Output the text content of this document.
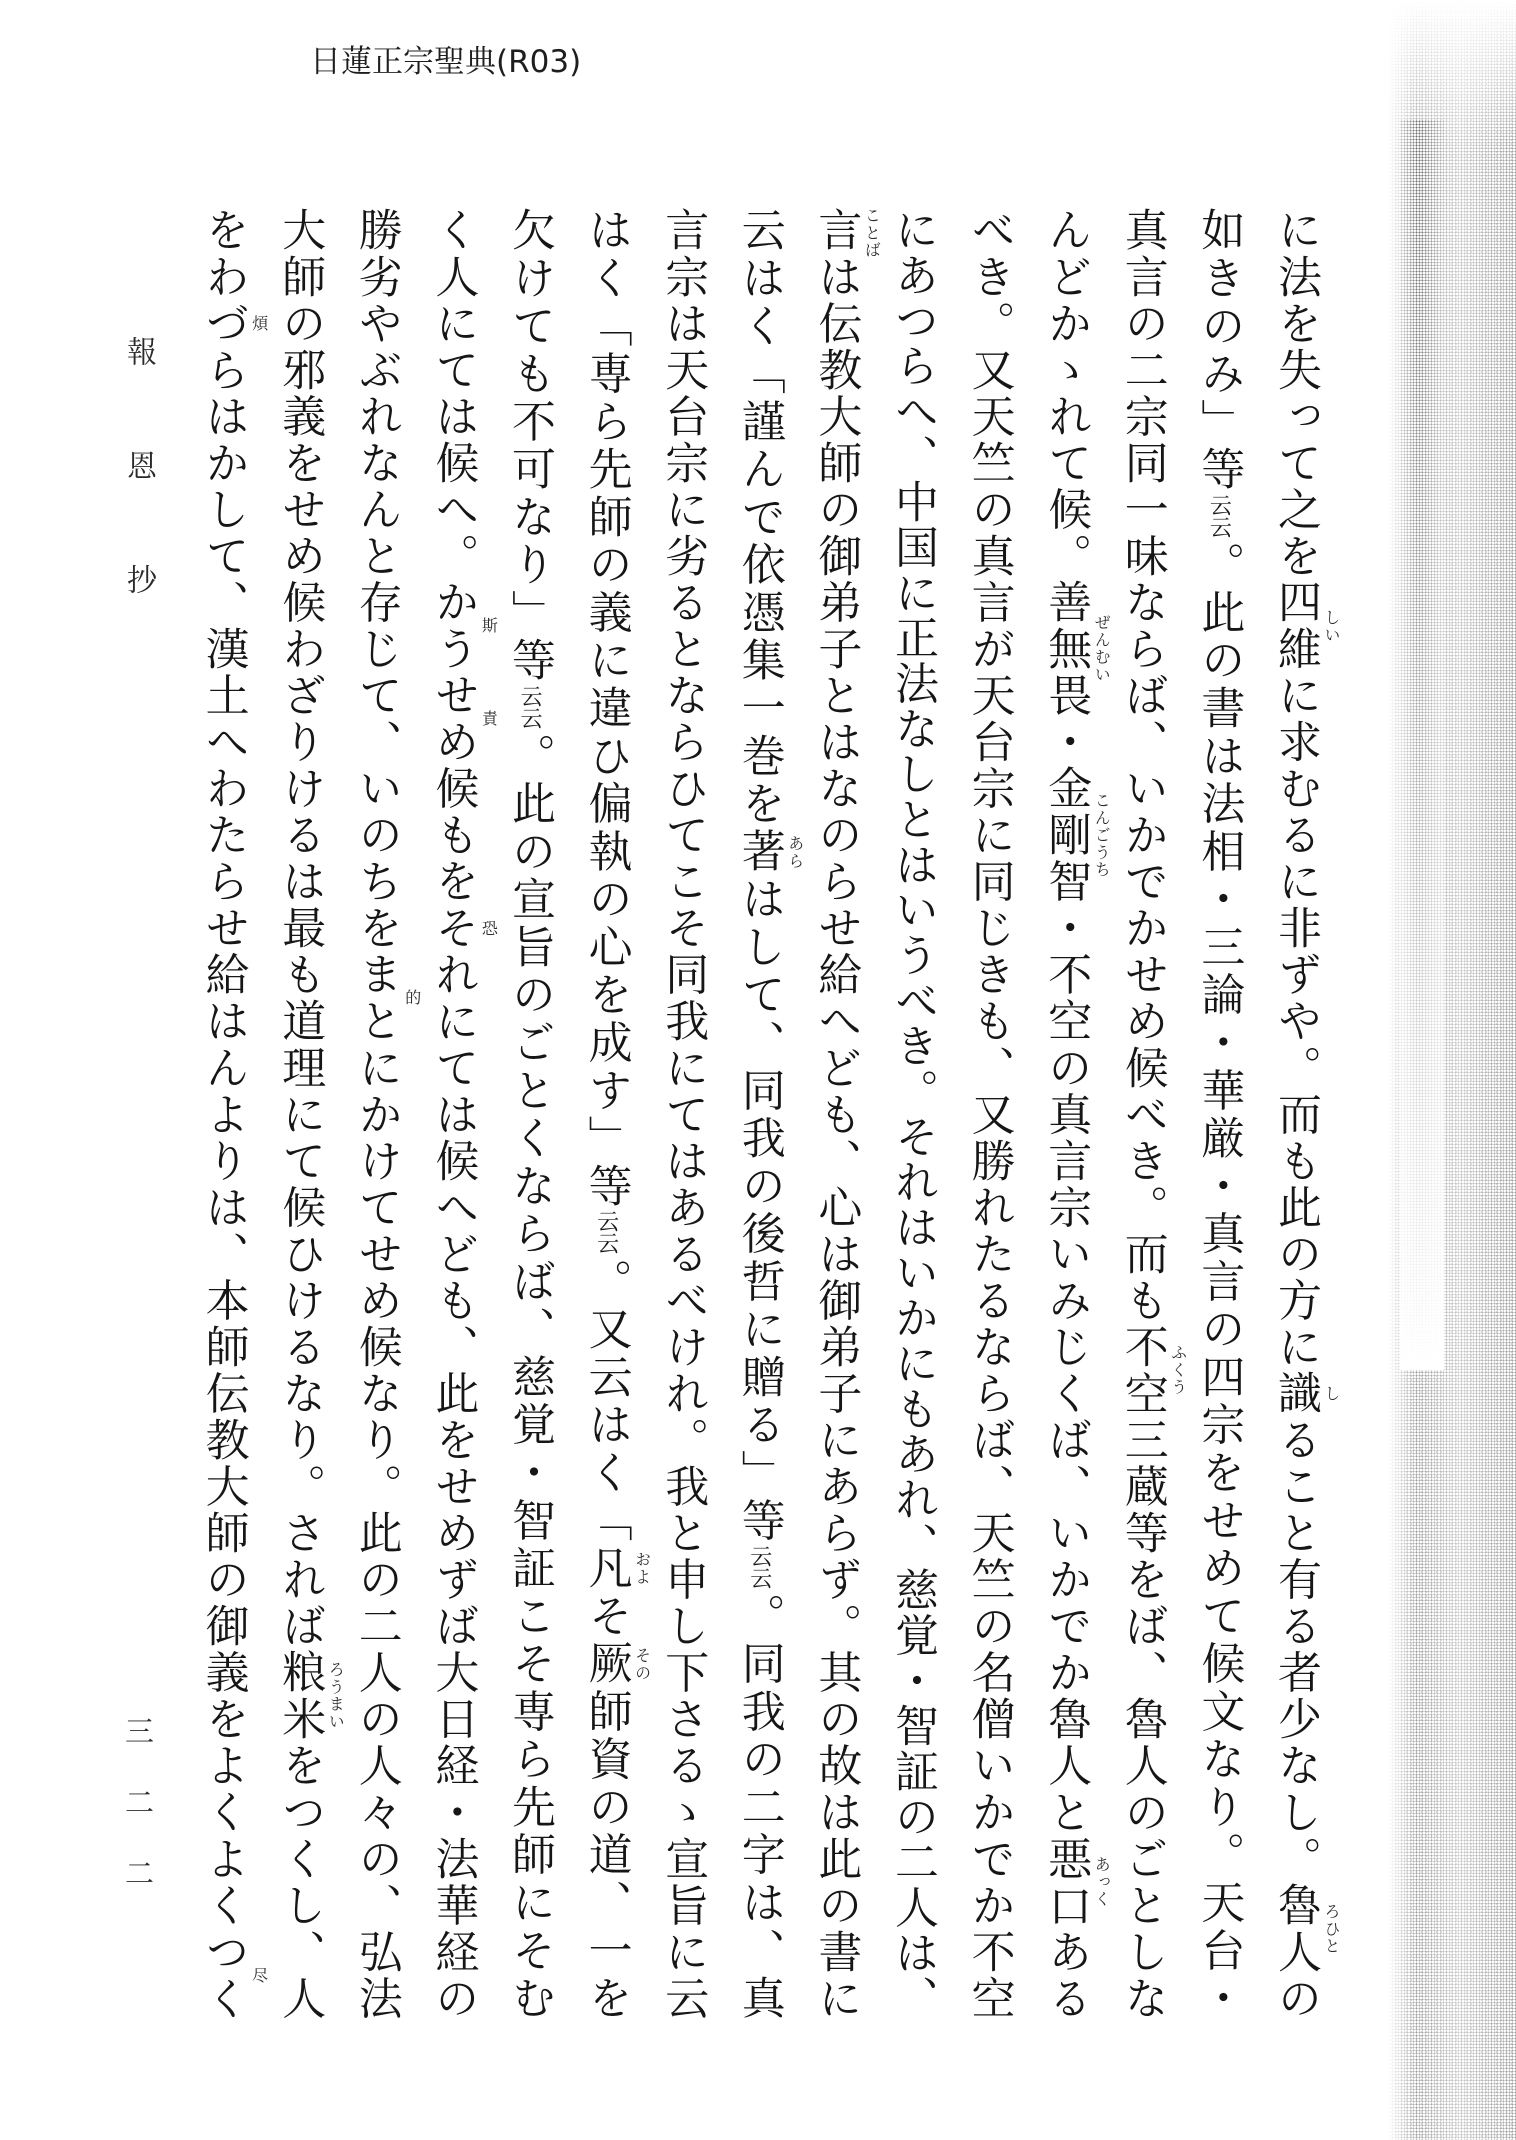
日蓮正宗聖典(R03)
報恩抄
三二二
に法を失って之を四維 しい
に求むるに非ずや。而も此の方に識 し
ること有る者少なし。魯人 ろひと
の
如きのみ」等云云。此の書は法相・三論・華厳・真言の四宗をせめて候文なり。天台・
真言の二宗同一味ならば、いかでかせめ候べき。而も不空 ふくう
三蔵等をば、魯人のごとしな
んどかゝれて候。善無畏 ぜんむい
・金剛智 こんごうち
・不空の真言宗いみじくば、いかでか魯人と悪口 あっく
ある
べき。又天竺の真言が天台宗に同じきも、又勝れたるならば、天竺の名僧いかでか不空
にあつらへ、中国に正法なしとはいうべき。それはいかにもあれ、慈覚・智証の二人は、
言 ことば
は伝教大師の御弟子とはなのらせ給へども、心は御弟子にあらず。其の故は此の書に
云はく「謹んで依憑集一巻を著 あら
はして、同我の後哲に贈る」等云云。同我の二字は、真
言宗は天台宗に劣るとならひてこそ同我にてはあるべけれ。我と申し下さるゝ宣旨に云
はく「専ら先師の義に違ひ偏執の心を成す」等云云。又云はく「凡 およ
そ厥 その
師資の道、一を
欠けても不可なり」等云云。此の宣旨のごとくならば、慈覚・智証こそ専ら先師にそむ
く人にては候へ。かう 斯
せめ 責
候もをそれ 恐
にては候へども、此をせめずば大日経・法華経の
勝劣やぶれなんと存じて、いのちをまと 的
にかけてせめ候なり。此の二人の人々の、弘法
大師の邪義をせめ候わざりけるは最も道理にて候ひけるなり。されば粮米 ろうまい
をつくし、人
をわづら 煩
はかして、漢土へわたらせ給はんよりは、本師伝教大師の御義をよくよくつく 尽
